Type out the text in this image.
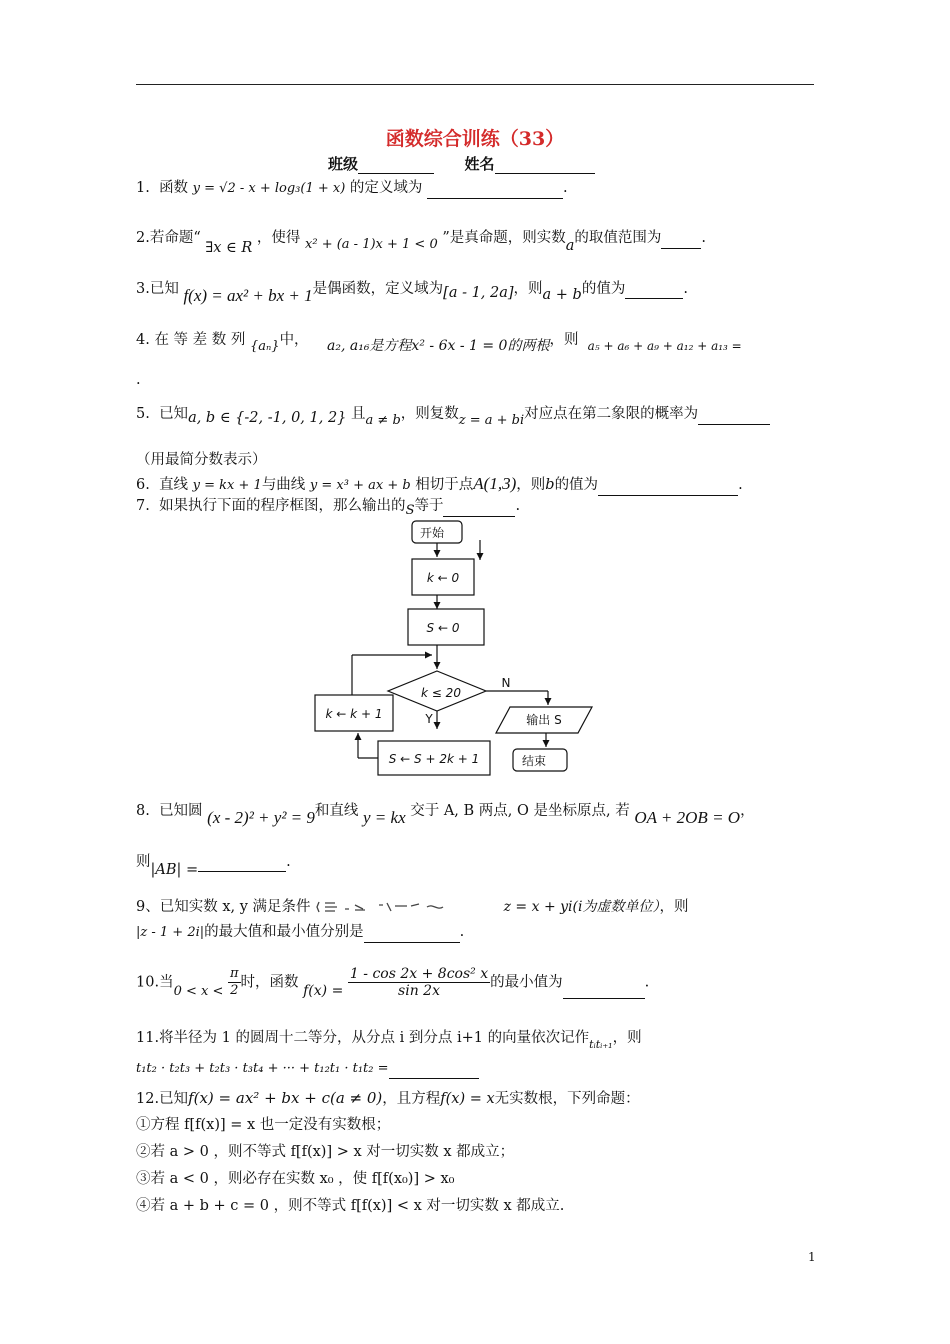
函数综合训练（33）
班级	姓名
1. 函数 y = √2 - x + log₃(1 + x) 的定义域为	.
2.若命题“ ∃x ∈ R ，使得 x² + (a - 1)x + 1 < 0 ”是真命题，则实数a的取值范围为	.
3.已知 f(x) = ax² + bx + 1是偶函数，定义域为[a - 1, 2a]，则a + b的值为	.
4. 在 等 差 数 列 {aₙ}中， a₂, a₁₆是方程x² - 6x - 1 = 0的两根，则 $_{a_5 + a_6 + a_9 + a_{12} + a_{13} =}$
.
5. 已知a, b ∈ {-2, -1, 0, 1, 2} 且a ≠ b，则复数z = a + bi对应点在第二象限的概率为
（用最简分数表示）
6. 直线 y = kx + 1与曲线 y = x³ + ax + b 相切于点A(1,3)，则b的值为	.
7. 如果执行下面的程序框图，那么输出的S等于	.
开始
k ← 0
S ← 0
k ≤ 20
N
Y	输出 S
结束
S ← S + 2k + 1
k ← k + 1
8. 已知圆 (x - 2)² + y² = 9和直线 y = kx 交于 A, B 两点, O 是坐标原点, 若 OA + 2OB = O，
则|AB| =	.
9、已知实数 x, y 满足条件	z = x + yi(i为虚数单位），则
|z - 1 + 2i|的最大值和最小值分别是	.
10.当$0 < x < \frac{\pi}{2}$ 时，函数 $f(x) = \frac{\text{1 - cos 2x + 8cos² x}}{\sin 2x}$ 的最小值为	.
11.将半径为 1 的圆周十二等分，从分点 i 到分点 i+1 的向量依次记作$_{tᵢtᵢ_{+1}}$，则
t₁t₂ · t₂t₃ + t₂t₃ · t₃t₄ + ··· + t₁₂t₁ · t₁t₂ =
12.已知f(x) = ax² + bx + c(a ≠ 0)，且方程f(x) = x无实数根，下列命题：
①方程 f[f(x)] = x 也一定没有实数根；
②若 a > 0 ，则不等式 f[f(x)] > x 对一切实数 x 都成立；
③若 a < 0 ，则必存在实数 x₀ ，使 f[f(x₀)] > x₀
④若 a + b + c = 0 ，则不等式 f[f(x)] < x 对一切实数 x 都成立.
1
